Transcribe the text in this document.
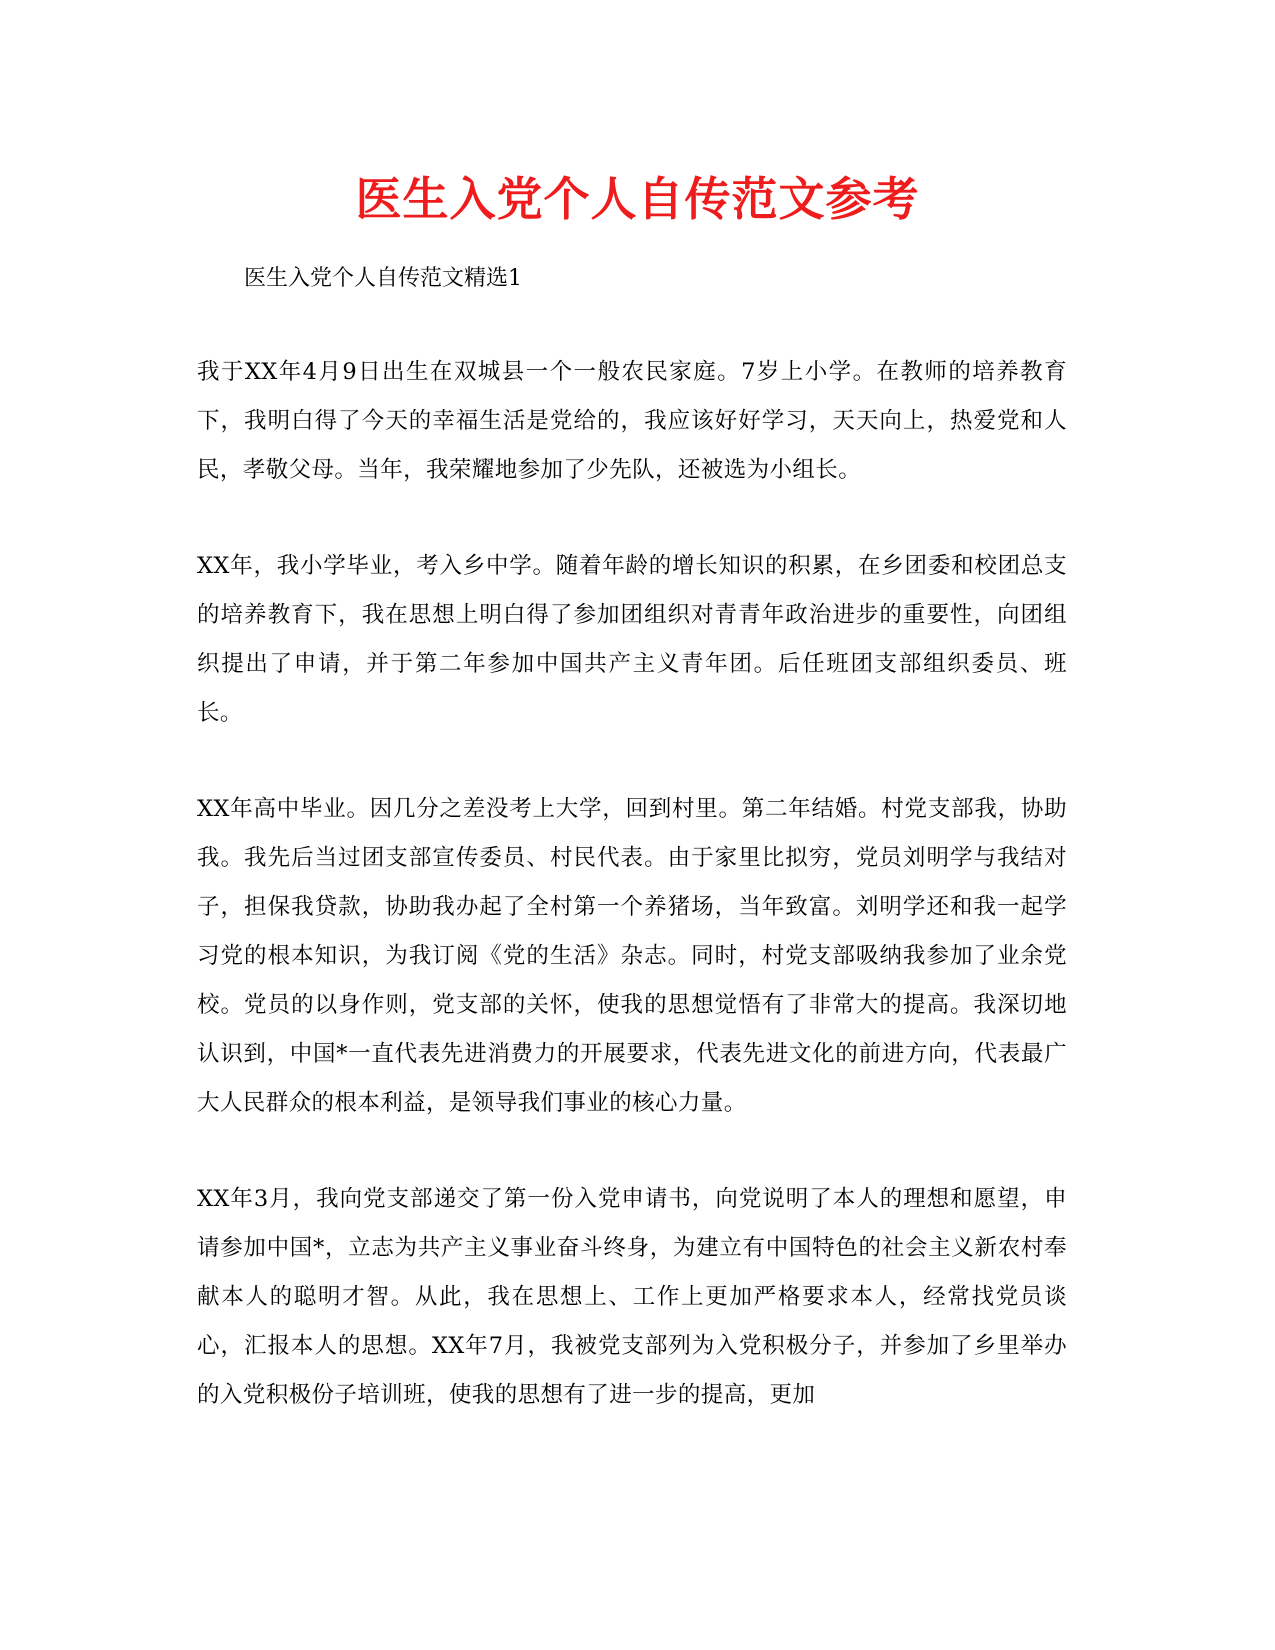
医生入党个人自传范文参考

医生入党个人自传范文精选1

我于XX年4月9日出生在双城县一个一般农民家庭。7岁上小学。在教师的培养教育下，我明白得了今天的幸福生活是党给的，我应该好好学习，天天向上，热爱党和人民，孝敬父母。当年，我荣耀地参加了少先队，还被选为小组长。

XX年，我小学毕业，考入乡中学。随着年龄的增长知识的积累，在乡团委和校团总支的培养教育下，我在思想上明白得了参加团组织对青青年政治进步的重要性，向团组织提出了申请，并于第二年参加中国共产主义青年团。后任班团支部组织委员、班长。

XX年高中毕业。因几分之差没考上大学，回到村里。第二年结婚。村党支部我，协助我。我先后当过团支部宣传委员、村民代表。由于家里比拟穷，党员刘明学与我结对子，担保我贷款，协助我办起了全村第一个养猪场，当年致富。刘明学还和我一起学习党的根本知识，为我订阅《党的生活》杂志。同时，村党支部吸纳我参加了业余党校。党员的以身作则，党支部的关怀，使我的思想觉悟有了非常大的提高。我深切地认识到，中国*一直代表先进消费力的开展要求，代表先进文化的前进方向，代表最广大人民群众的根本利益，是领导我们事业的核心力量。

XX年3月，我向党支部递交了第一份入党申请书，向党说明了本人的理想和愿望，申请参加中国*，立志为共产主义事业奋斗终身，为建立有中国特色的社会主义新农村奉献本人的聪明才智。从此，我在思想上、工作上更加严格要求本人，经常找党员谈心，汇报本人的思想。XX年7月，我被党支部列为入党积极分子，并参加了乡里举办的入党积极份子培训班，使我的思想有了进一步的提高，更加
